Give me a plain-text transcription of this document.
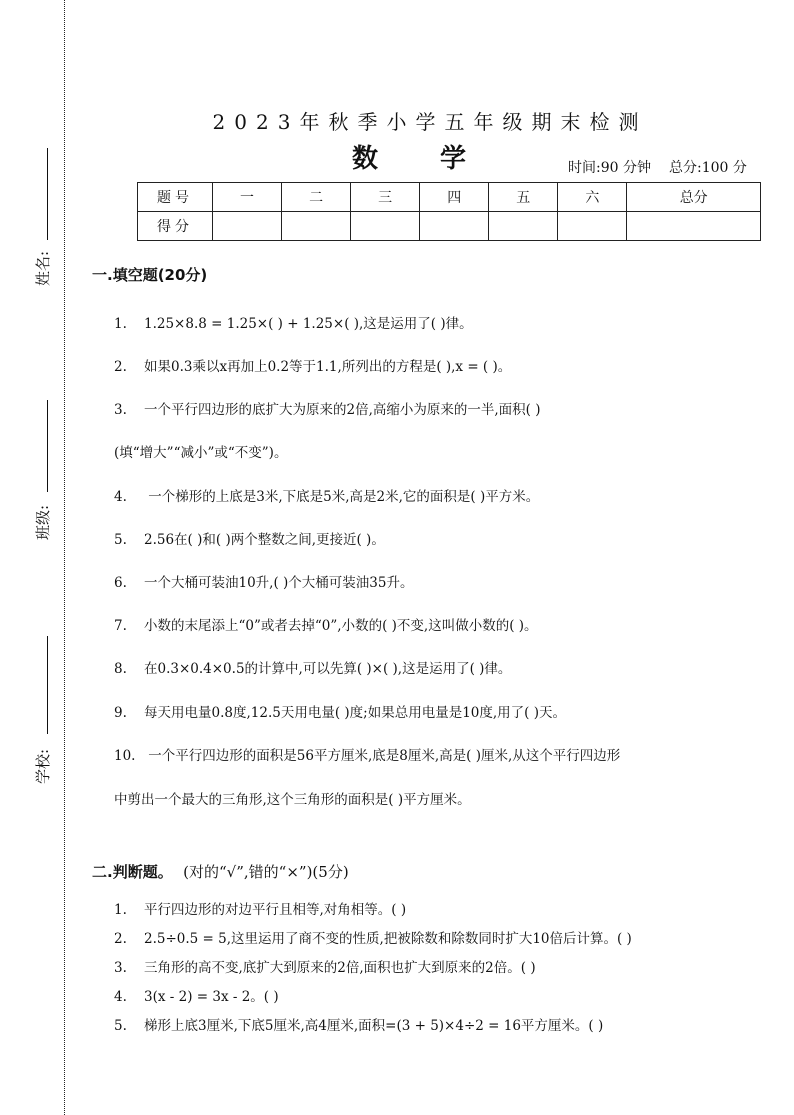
姓名:
班级:
学校:
2023年秋季小学五年级期末检测
数学	时间:90 分钟 总分:100 分
题号	一	二	三	四	五	六	总分
得分							
一.填空题(20分)
1. 1.25×8.8 = 1.25×( ) + 1.25×( ),这是运用了( )律。
2. 如果0.3乘以x再加上0.2等于1.1,所列出的方程是( ),x = ( )。
3. 一个平行四边形的底扩大为原来的2倍,高缩小为原来的一半,面积( )
(填“增大”“减小”或“不变”)。
4. 一个梯形的上底是3米,下底是5米,高是2米,它的面积是( )平方米。
5. 2.56在( )和( )两个整数之间,更接近( )。
6. 一个大桶可装油10升,( )个大桶可装油35升。
7. 小数的末尾添上“0”或者去掉“0”,小数的( )不变,这叫做小数的( )。
8. 在0.3×0.4×0.5的计算中,可以先算( )×( ),这是运用了( )律。
9. 每天用电量0.8度,12.5天用电量( )度;如果总用电量是10度,用了( )天。
10. 一个平行四边形的面积是56平方厘米,底是8厘米,高是( )厘米,从这个平行四边形
中剪出一个最大的三角形,这个三角形的面积是( )平方厘米。
二.判断题。 (对的“√”,错的“×”)(5分)
1. 平行四边形的对边平行且相等,对角相等。( )
2. 2.5÷0.5 = 5,这里运用了商不变的性质,把被除数和除数同时扩大10倍后计算。( )
3. 三角形的高不变,底扩大到原来的2倍,面积也扩大到原来的2倍。( )
4. 3(x - 2) = 3x - 2。( )
5. 梯形上底3厘米,下底5厘米,高4厘米,面积=(3 + 5)×4÷2 = 16平方厘米。( )
